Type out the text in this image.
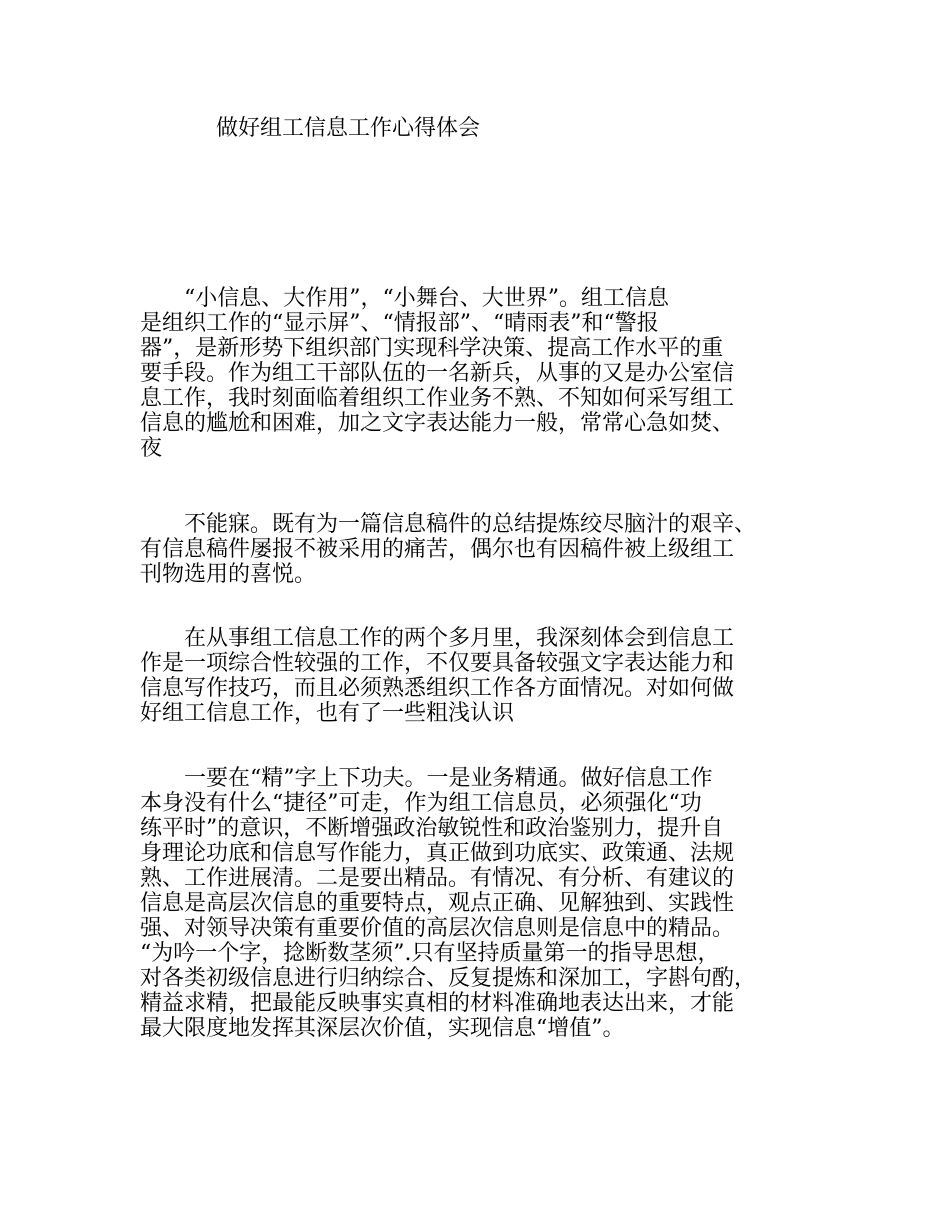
做好组工信息工作心得体会
　　“小信息、大作用”，“小舞台、大世界”。组工信息
是组织工作的“显示屏”、“情报部”、“晴雨表”和“警报
器”，是新形势下组织部门实现科学决策、提高工作水平的重
要手段。作为组工干部队伍的一名新兵，从事的又是办公室信
息工作，我时刻面临着组织工作业务不熟、不知如何采写组工
信息的尴尬和困难，加之文字表达能力一般，常常心急如焚、
夜
　　不能寐。既有为一篇信息稿件的总结提炼绞尽脑汁的艰辛、
有信息稿件屡报不被采用的痛苦，偶尔也有因稿件被上级组工
刊物选用的喜悦。
　　在从事组工信息工作的两个多月里，我深刻体会到信息工
作是一项综合性较强的工作，不仅要具备较强文字表达能力和
信息写作技巧，而且必须熟悉组织工作各方面情况。对如何做
好组工信息工作，也有了一些粗浅认识
　　一要在“精”字上下功夫。一是业务精通。做好信息工作
本身没有什么“捷径”可走，作为组工信息员，必须强化“功
练平时”的意识，不断增强政治敏锐性和政治鉴别力，提升自
身理论功底和信息写作能力，真正做到功底实、政策通、法规
熟、工作进展清。二是要出精品。有情况、有分析、有建议的
信息是高层次信息的重要特点，观点正确、见解独到、实践性
强、对领导决策有重要价值的高层次信息则是信息中的精品。
“为吟一个字，捻断数茎须”.只有坚持质量第一的指导思想，
对各类初级信息进行归纳综合、反复提炼和深加工，字斟句酌，
精益求精，把最能反映事实真相的材料准确地表达出来，才能
最大限度地发挥其深层次价值，实现信息“增值”。
